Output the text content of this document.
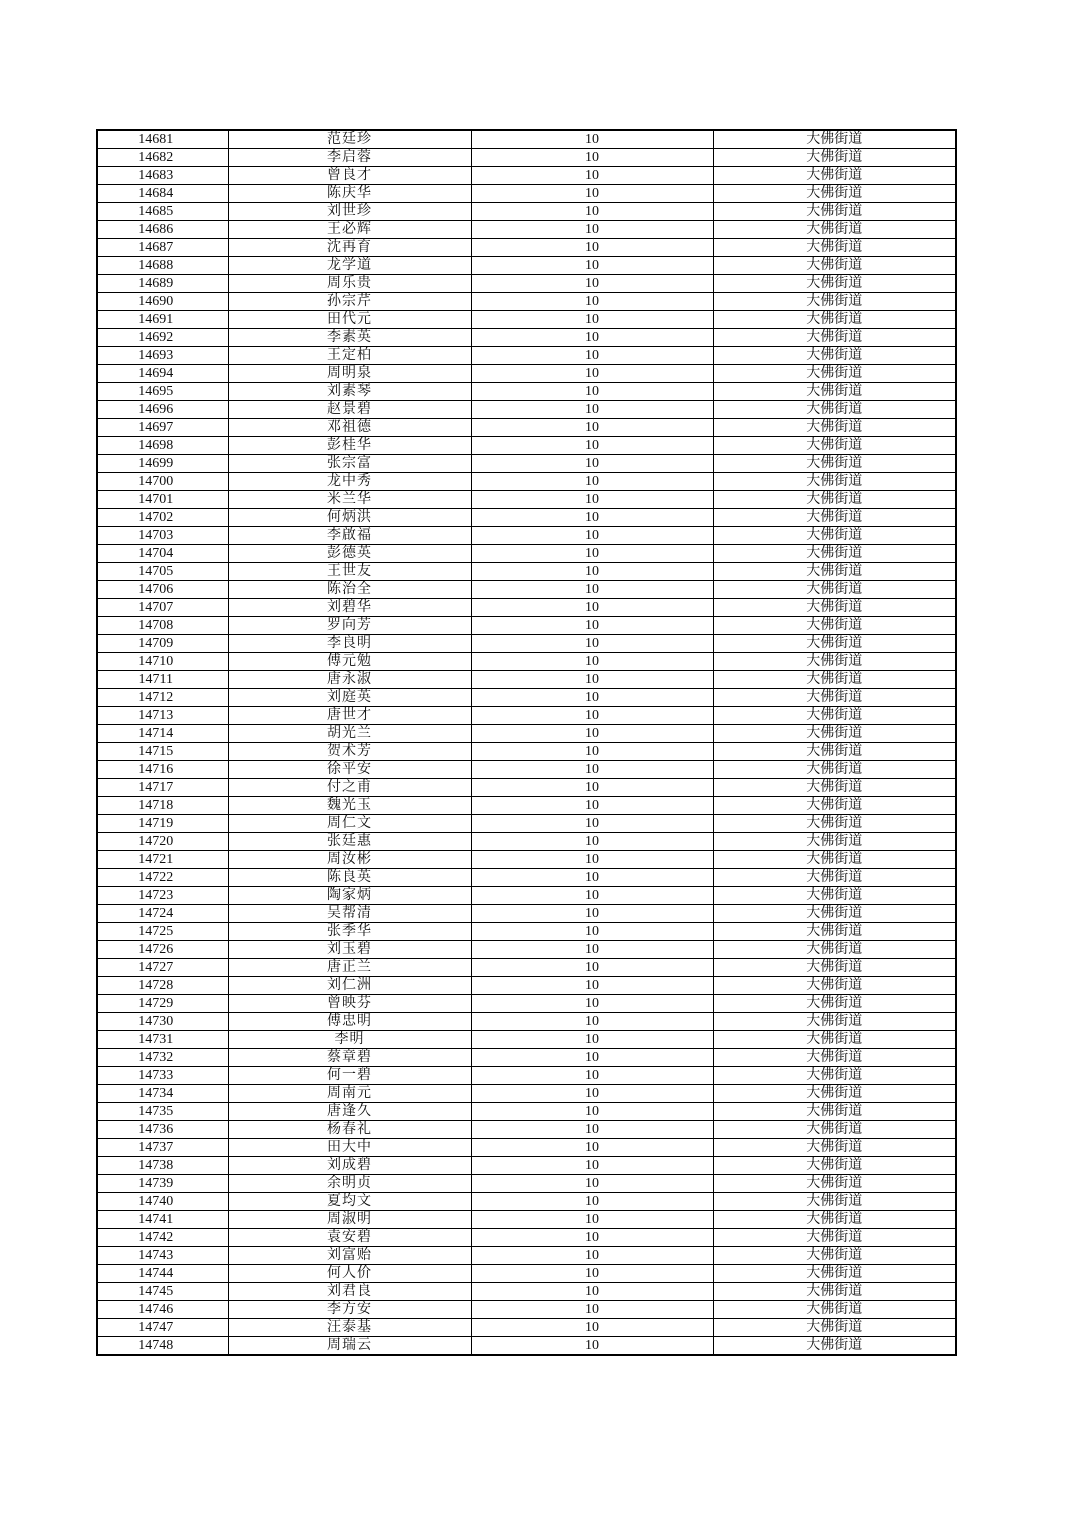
14681	范廷珍	10	大佛街道
14682	李启蓉	10	大佛街道
14683	曾良才	10	大佛街道
14684	陈庆华	10	大佛街道
14685	刘世珍	10	大佛街道
14686	王必辉	10	大佛街道
14687	沈再育	10	大佛街道
14688	龙学道	10	大佛街道
14689	周乐贵	10	大佛街道
14690	孙宗芹	10	大佛街道
14691	田代元	10	大佛街道
14692	李素英	10	大佛街道
14693	王定柏	10	大佛街道
14694	周明泉	10	大佛街道
14695	刘素琴	10	大佛街道
14696	赵景碧	10	大佛街道
14697	邓祖德	10	大佛街道
14698	彭桂华	10	大佛街道
14699	张宗富	10	大佛街道
14700	龙中秀	10	大佛街道
14701	米兰华	10	大佛街道
14702	何炳洪	10	大佛街道
14703	李啟福	10	大佛街道
14704	彭德英	10	大佛街道
14705	王世友	10	大佛街道
14706	陈治全	10	大佛街道
14707	刘碧华	10	大佛街道
14708	罗向芳	10	大佛街道
14709	李良明	10	大佛街道
14710	傅元勉	10	大佛街道
14711	唐永淑	10	大佛街道
14712	刘庭英	10	大佛街道
14713	唐世才	10	大佛街道
14714	胡光兰	10	大佛街道
14715	贺术芳	10	大佛街道
14716	徐平安	10	大佛街道
14717	付之甫	10	大佛街道
14718	魏光玉	10	大佛街道
14719	周仁文	10	大佛街道
14720	张廷惠	10	大佛街道
14721	周汝彬	10	大佛街道
14722	陈良英	10	大佛街道
14723	陶家炳	10	大佛街道
14724	吴帮清	10	大佛街道
14725	张季华	10	大佛街道
14726	刘玉碧	10	大佛街道
14727	唐正兰	10	大佛街道
14728	刘仁洲	10	大佛街道
14729	曾映芬	10	大佛街道
14730	傅忠明	10	大佛街道
14731	李明	10	大佛街道
14732	蔡章碧	10	大佛街道
14733	何一碧	10	大佛街道
14734	周南元	10	大佛街道
14735	唐逢久	10	大佛街道
14736	杨春礼	10	大佛街道
14737	田大中	10	大佛街道
14738	刘成碧	10	大佛街道
14739	余明贞	10	大佛街道
14740	夏均文	10	大佛街道
14741	周淑明	10	大佛街道
14742	袁安碧	10	大佛街道
14743	刘富贻	10	大佛街道
14744	何人价	10	大佛街道
14745	刘君良	10	大佛街道
14746	李方安	10	大佛街道
14747	汪泰基	10	大佛街道
14748	周瑞云	10	大佛街道
